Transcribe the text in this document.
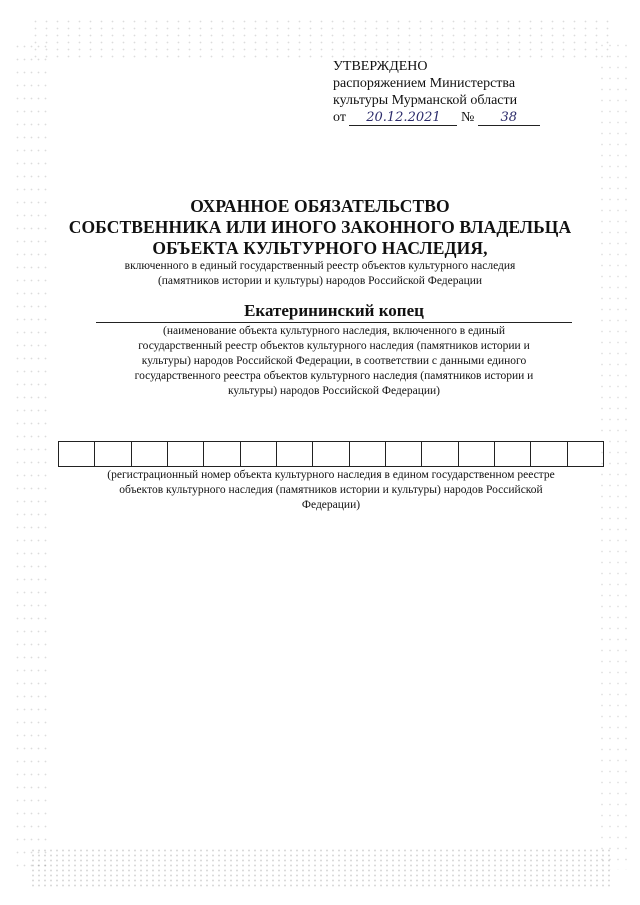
УТВЕРЖДЕНО
распоряжением Министерства
культуры Мурманской области
от 20.12.2021 № 38
ОХРАННОЕ ОБЯЗАТЕЛЬСТВО
СОБСТВЕННИКА ИЛИ ИНОГО ЗАКОННОГО ВЛАДЕЛЬЦА
ОБЪЕКТА КУЛЬТУРНОГО НАСЛЕДИЯ,
включенного в единый государственный реестр объектов культурного наследия
(памятников истории и культуры) народов Российской Федерации
Екатерининский копец
(наименование объекта культурного наследия, включенного в единый
государственный реестр объектов культурного наследия (памятников истории и
культуры) народов Российской Федерации, в соответствии с данными единого
государственного реестра объектов культурного наследия (памятников истории и
культуры) народов Российской Федерации)
(регистрационный номер объекта культурного наследия в едином государственном реестре
объектов культурного наследия (памятников истории и культуры) народов Российской
Федерации)
